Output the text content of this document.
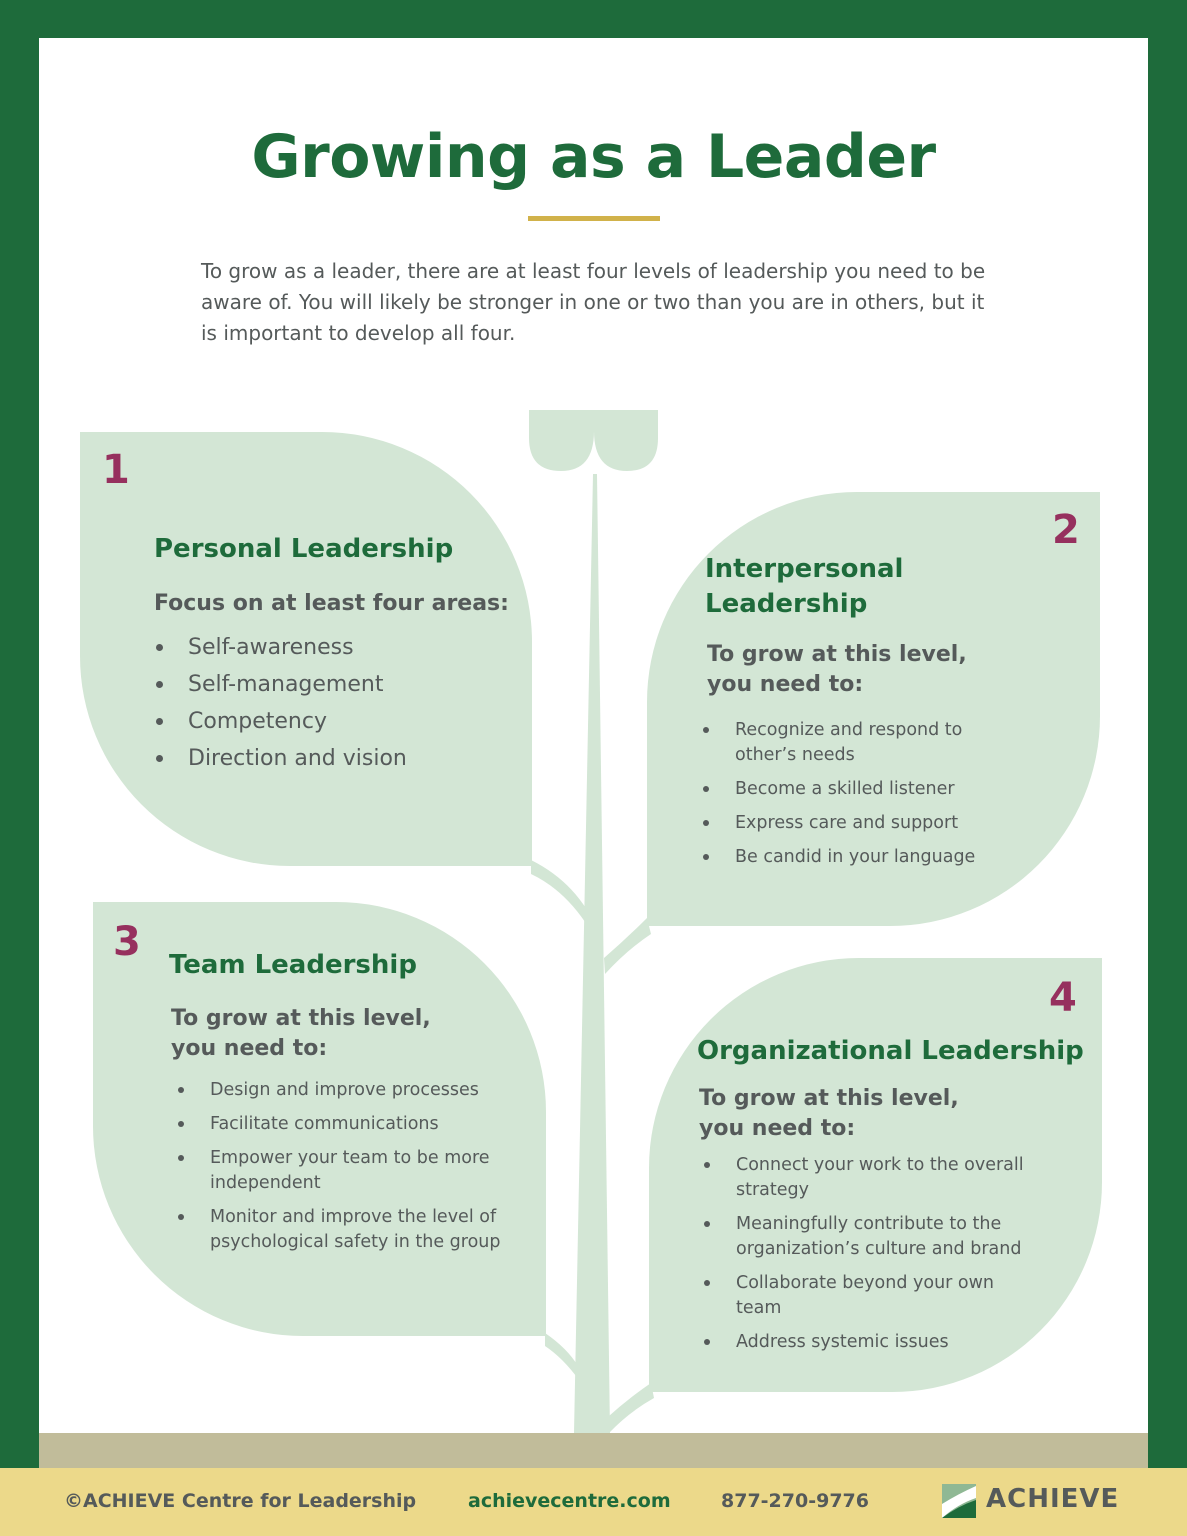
Growing as a Leader

To grow as a leader, there are at least four levels of leadership you need to be aware of. You will likely be stronger in one or two than you are in others, but it is important to develop all four.

1
Personal Leadership
Focus on at least four areas:
Self-awareness
Self-management
Competency
Direction and vision
2
Interpersonal
Leadership
To grow at this level,
you need to:
Recognize and respond to other’s needs
Become a skilled listener
Express care and support
Be candid in your language
3 Team Leadership
To grow at this level,
you need to:
Design and improve processes
Facilitate communications
Empower your team to be more independent
Monitor and improve the level of psychological safety in the group
4
Organizational Leadership
To grow at this level,
you need to:
Connect your work to the overall strategy
Meaningfully contribute to the organization’s culture and brand
Collaborate beyond your own team
Address systemic issues
©ACHIEVE Centre for Leadership	achievecentre.com	877-270-9776	ACHIEVE
